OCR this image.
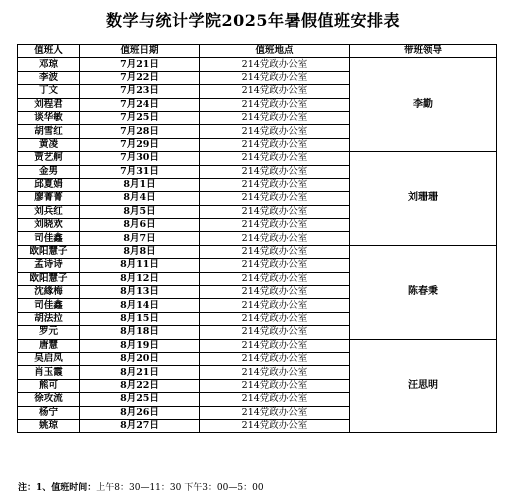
数学与统计学院2025年暑假值班安排表
值班人	值班日期	值班地点	带班领导
邓琼	7月21日	214党政办公室	李勤
李波	7月22日	214党政办公室	
丁文	7月23日	214党政办公室	
刘程君	7月24日	214党政办公室	
谈华敏	7月25日	214党政办公室	
胡雪红	7月28日	214党政办公室	
黄凌	7月29日	214党政办公室	
贾艺舸	7月30日	214党政办公室	刘珊珊
金男	7月31日	214党政办公室	
邱夏娟	8月1日	214党政办公室	
廖菁菁	8月4日	214党政办公室	
刘兵红	8月5日	214党政办公室	
刘晓欢	8月6日	214党政办公室	
司佳鑫	8月7日	214党政办公室	
欧阳慧子	8月8日	214党政办公室	陈春秉
孟诗诗	8月11日	214党政办公室	
欧阳慧子	8月12日	214党政办公室	
沈緣梅	8月13日	214党政办公室	
司佳鑫	8月14日	214党政办公室	
胡法拉	8月15日	214党政办公室	
罗元	8月18日	214党政办公室	
唐慧	8月19日	214党政办公室	汪思明
吴启凤	8月20日	214党政办公室	
肖玉霞	8月21日	214党政办公室	
熊可	8月22日	214党政办公室	
徐攻流	8月25日	214党政办公室	
杨宁	8月26日	214党政办公室	
姚琼	8月27日	214党政办公室	
注：1、值班时间：上午8：30—11：30 下午3：00—5：00
